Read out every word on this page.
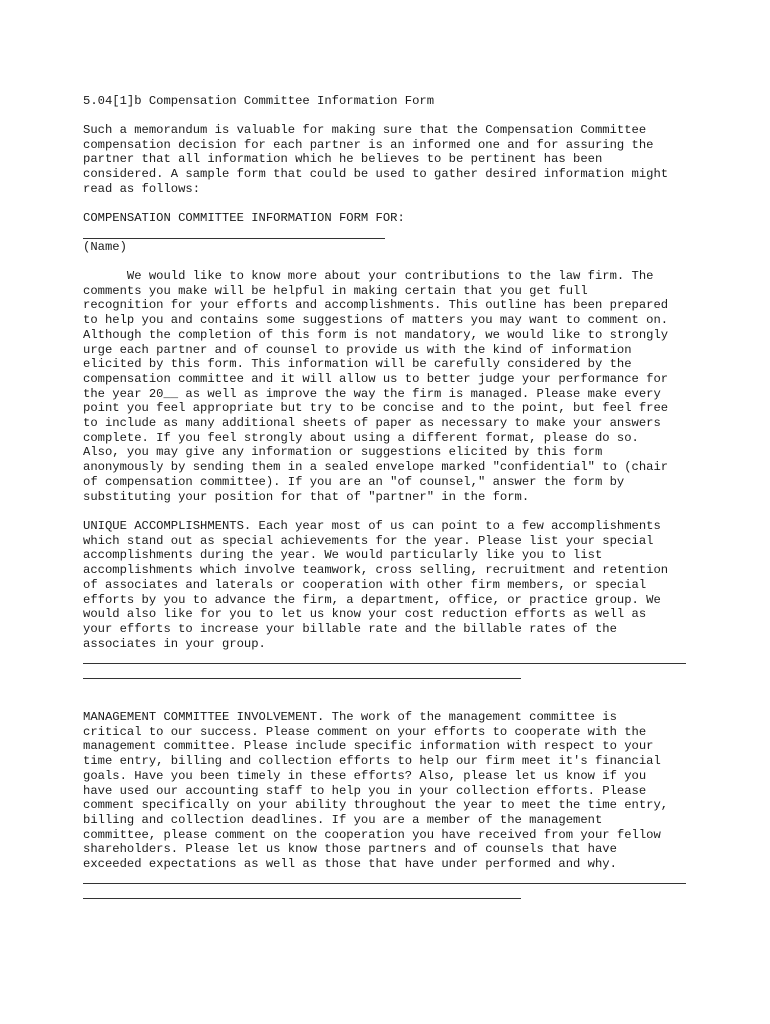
5.04[1]b Compensation Committee Information Form
Such a memorandum is valuable for making sure that the Compensation Committee
compensation decision for each partner is an informed one and for assuring the
partner that all information which he believes to be pertinent has been
considered. A sample form that could be used to gather desired information might
read as follows:
COMPENSATION COMMITTEE INFORMATION FORM FOR:
(Name)
We would like to know more about your contributions to the law firm. The
comments you make will be helpful in making certain that you get full
recognition for your efforts and accomplishments. This outline has been prepared
to help you and contains some suggestions of matters you may want to comment on.
Although the completion of this form is not mandatory, we would like to strongly
urge each partner and of counsel to provide us with the kind of information
elicited by this form. This information will be carefully considered by the
compensation committee and it will allow us to better judge your performance for
the year 20__ as well as improve the way the firm is managed. Please make every
point you feel appropriate but try to be concise and to the point, but feel free
to include as many additional sheets of paper as necessary to make your answers
complete. If you feel strongly about using a different format, please do so.
Also, you may give any information or suggestions elicited by this form
anonymously by sending them in a sealed envelope marked "confidential" to (chair
of compensation committee). If you are an "of counsel," answer the form by
substituting your position for that of "partner" in the form.
UNIQUE ACCOMPLISHMENTS. Each year most of us can point to a few accomplishments
which stand out as special achievements for the year. Please list your special
accomplishments during the year. We would particularly like you to list
accomplishments which involve teamwork, cross selling, recruitment and retention
of associates and laterals or cooperation with other firm members, or special
efforts by you to advance the firm, a department, office, or practice group. We
would also like for you to let us know your cost reduction efforts as well as
your efforts to increase your billable rate and the billable rates of the
associates in your group.
MANAGEMENT COMMITTEE INVOLVEMENT. The work of the management committee is
critical to our success. Please comment on your efforts to cooperate with the
management committee. Please include specific information with respect to your
time entry, billing and collection efforts to help our firm meet it's financial
goals. Have you been timely in these efforts? Also, please let us know if you
have used our accounting staff to help you in your collection efforts. Please
comment specifically on your ability throughout the year to meet the time entry,
billing and collection deadlines. If you are a member of the management
committee, please comment on the cooperation you have received from your fellow
shareholders. Please let us know those partners and of counsels that have
exceeded expectations as well as those that have under performed and why.
